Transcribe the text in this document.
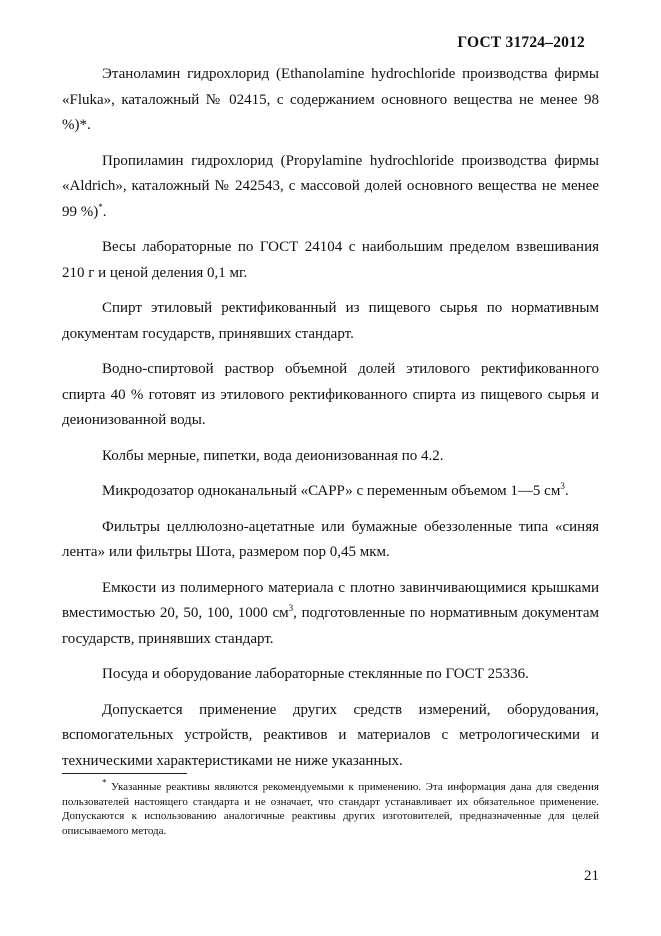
ГОСТ 31724–2012

Этаноламин гидрохлорид (Ethanolamine hydrochloride производства фирмы «Fluka», каталожный № 02415, с содержанием основного вещества не менее 98 %)*.

Пропиламин гидрохлорид (Propylamine hydrochloride производства фирмы «Aldrich», каталожный № 242543, с массовой долей основного вещества не менее 99 %)*.

Весы лабораторные по ГОСТ 24104 с наибольшим пределом взвешивания 210 г и ценой деления 0,1 мг.

Спирт этиловый ректификованный из пищевого сырья по нормативным документам государств, принявших стандарт.

Водно-спиртовой раствор объемной долей этилового ректификованного спирта 40 % готовят из этилового ректификованного спирта из пищевого сырья и деионизованной воды.

Колбы мерные, пипетки, вода деионизованная по 4.2.

Микродозатор одноканальный «САРР» с переменным объемом 1—5 $см^3$.

Фильтры целлюлозно-ацетатные или бумажные обеззоленные типа «синяя лента» или фильтры Шота, размером пор 0,45 мкм.

Емкости из полимерного материала с плотно завинчивающимися крышками вместимостью 20, 50, 100, 1000 $см^3$, подготовленные по нормативным документам государств, принявших стандарт.

Посуда и оборудование лабораторные стеклянные по ГОСТ 25336.

Допускается применение других средств измерений, оборудования, вспомогательных устройств, реактивов и материалов с метрологическими и техническими характеристиками не ниже указанных.

* Указанные реактивы являются рекомендуемыми к применению. Эта информация дана для сведения пользователей настоящего стандарта и не означает, что стандарт устанавливает их обязательное применение. Допускаются к использованию аналогичные реактивы других изготовителей, предназначенные для целей описываемого метода.
21
